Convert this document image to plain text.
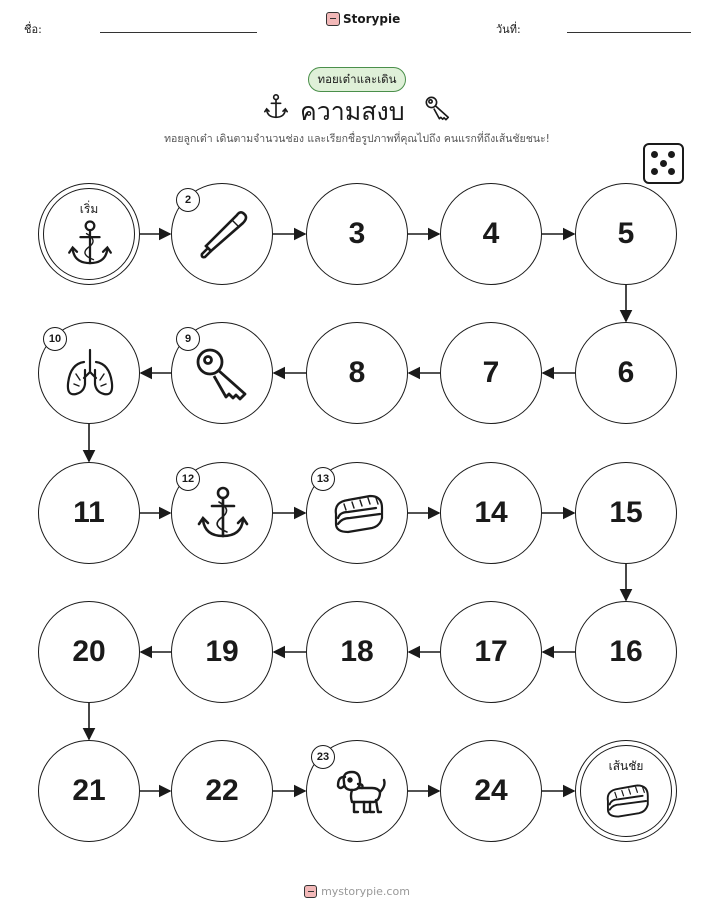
ชื่อ:
Storypie
วันที่:
ทอยเต๋าและเดิน
ความสงบ
ทอยลูกเต๋า เดินตามจำนวนช่อง และเรียกชื่อรูปภาพที่คุณไปถึง คนแรกที่ถึงเส้นชัยชนะ!
เริ่ม
2
3	4	5
6
7
8
9
10
11
12	13
14	15
16
17
18
19
20
21	22
23
24
เส้นชัย
mystorypie.com
